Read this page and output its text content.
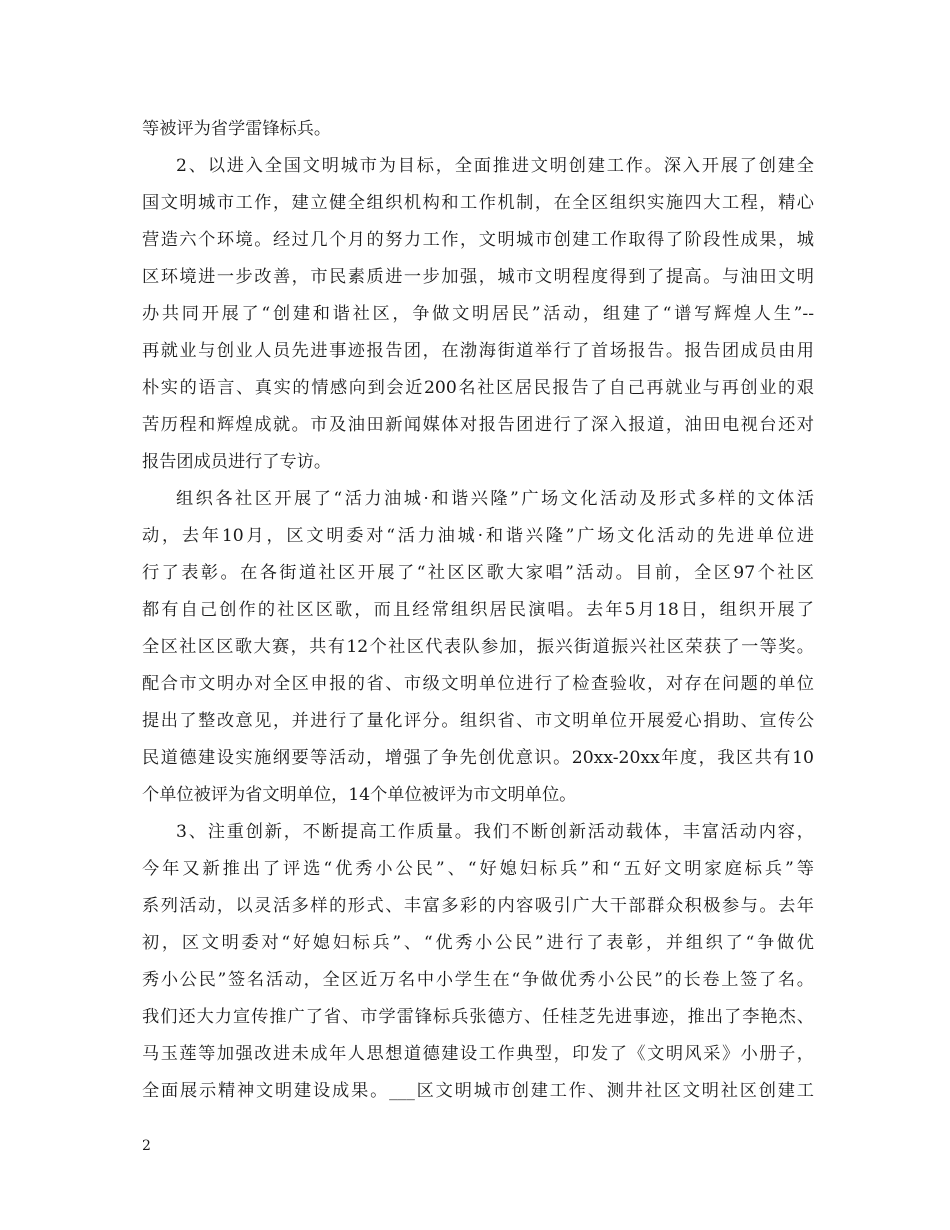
等被评为省学雷锋标兵。
2、以进入全国文明城市为目标，全面推进文明创建工作。深入开展了创建全
国文明城市工作，建立健全组织机构和工作机制，在全区组织实施四大工程，精心
营造六个环境。经过几个月的努力工作，文明城市创建工作取得了阶段性成果，城
区环境进一步改善，市民素质进一步加强，城市文明程度得到了提高。与油田文明
办共同开展了“创建和谐社区，争做文明居民”活动，组建了“谱写辉煌人生”--
再就业与创业人员先进事迹报告团，在渤海街道举行了首场报告。报告团成员由用
朴实的语言、真实的情感向到会近200名社区居民报告了自己再就业与再创业的艰
苦历程和辉煌成就。市及油田新闻媒体对报告团进行了深入报道，油田电视台还对
报告团成员进行了专访。
组织各社区开展了“活力油城·和谐兴隆”广场文化活动及形式多样的文体活
动，去年10月，区文明委对“活力油城·和谐兴隆”广场文化活动的先进单位进
行了表彰。在各街道社区开展了“社区区歌大家唱”活动。目前，全区97个社区
都有自己创作的社区区歌，而且经常组织居民演唱。去年5月18日，组织开展了
全区社区区歌大赛，共有12个社区代表队参加，振兴街道振兴社区荣获了一等奖。
配合市文明办对全区申报的省、市级文明单位进行了检查验收，对存在问题的单位
提出了整改意见，并进行了量化评分。组织省、市文明单位开展爱心捐助、宣传公
民道德建设实施纲要等活动，增强了争先创优意识。20xx-20xx年度，我区共有10
个单位被评为省文明单位，14个单位被评为市文明单位。
3、注重创新，不断提高工作质量。我们不断创新活动载体，丰富活动内容，
今年又新推出了评选“优秀小公民”、“好媳妇标兵”和“五好文明家庭标兵”等
系列活动，以灵活多样的形式、丰富多彩的内容吸引广大干部群众积极参与。去年
初，区文明委对“好媳妇标兵”、“优秀小公民”进行了表彰，并组织了“争做优
秀小公民”签名活动，全区近万名中小学生在“争做优秀小公民”的长卷上签了名。
我们还大力宣传推广了省、市学雷锋标兵张德方、任桂芝先进事迹，推出了李艳杰、
马玉莲等加强改进未成年人思想道德建设工作典型，印发了《文明风采》小册子，
全面展示精神文明建设成果。___区文明城市创建工作、测井社区文明社区创建工
2
